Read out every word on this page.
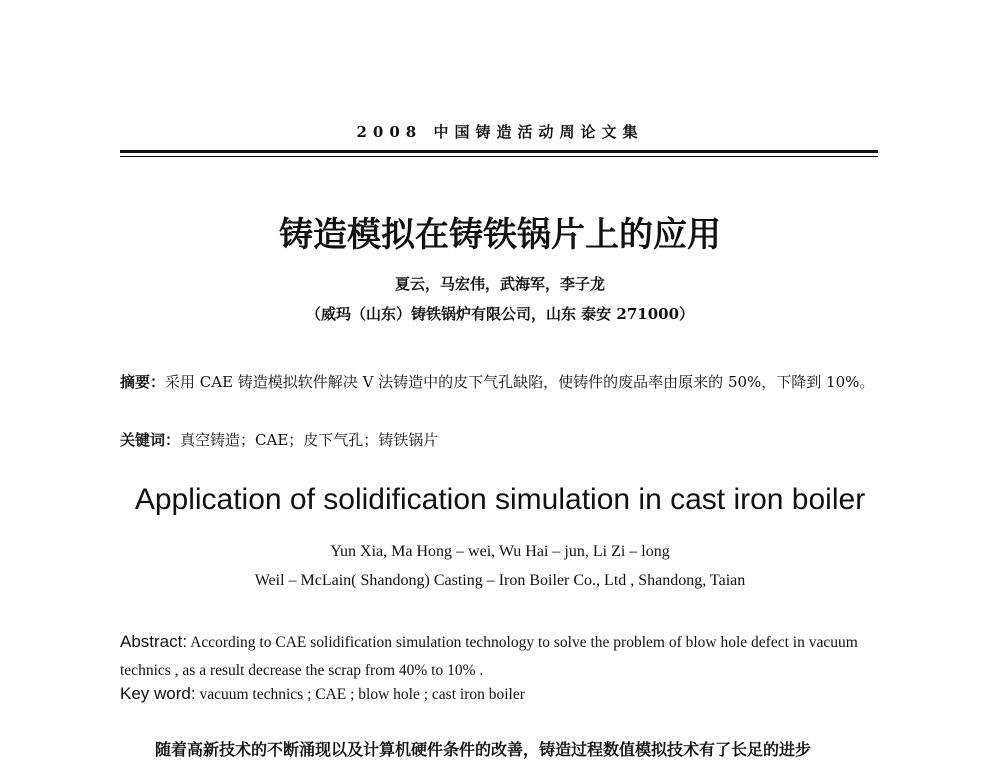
2008 中国铸造活动周论文集
铸造模拟在铸铁锅片上的应用
夏云，马宏伟，武海军，李子龙
（威玛（山东）铸铁锅炉有限公司，山东 泰安 271000）
摘要：采用 CAE 铸造模拟软件解决 V 法铸造中的皮下气孔缺陷，使铸件的废品率由原来的 50%，下降到 10%。
关键词：真空铸造；CAE；皮下气孔；铸铁锅片
Application of solidification simulation in cast iron boiler
Yun Xia, Ma Hong – wei, Wu Hai – jun, Li Zi – long
Weil – McLain( Shandong) Casting – Iron Boiler Co., Ltd , Shandong, Taian
Abstract: According to CAE solidification simulation technology to solve the problem of blow hole defect in vacuum technics , as a result decrease the scrap from 40% to 10% .
Key word: vacuum technics ; CAE ; blow hole ; cast iron boiler
随着高新技术的不断涌现以及计算机硬件条件的改善，铸造过程数值模拟技术有了长足的进步
